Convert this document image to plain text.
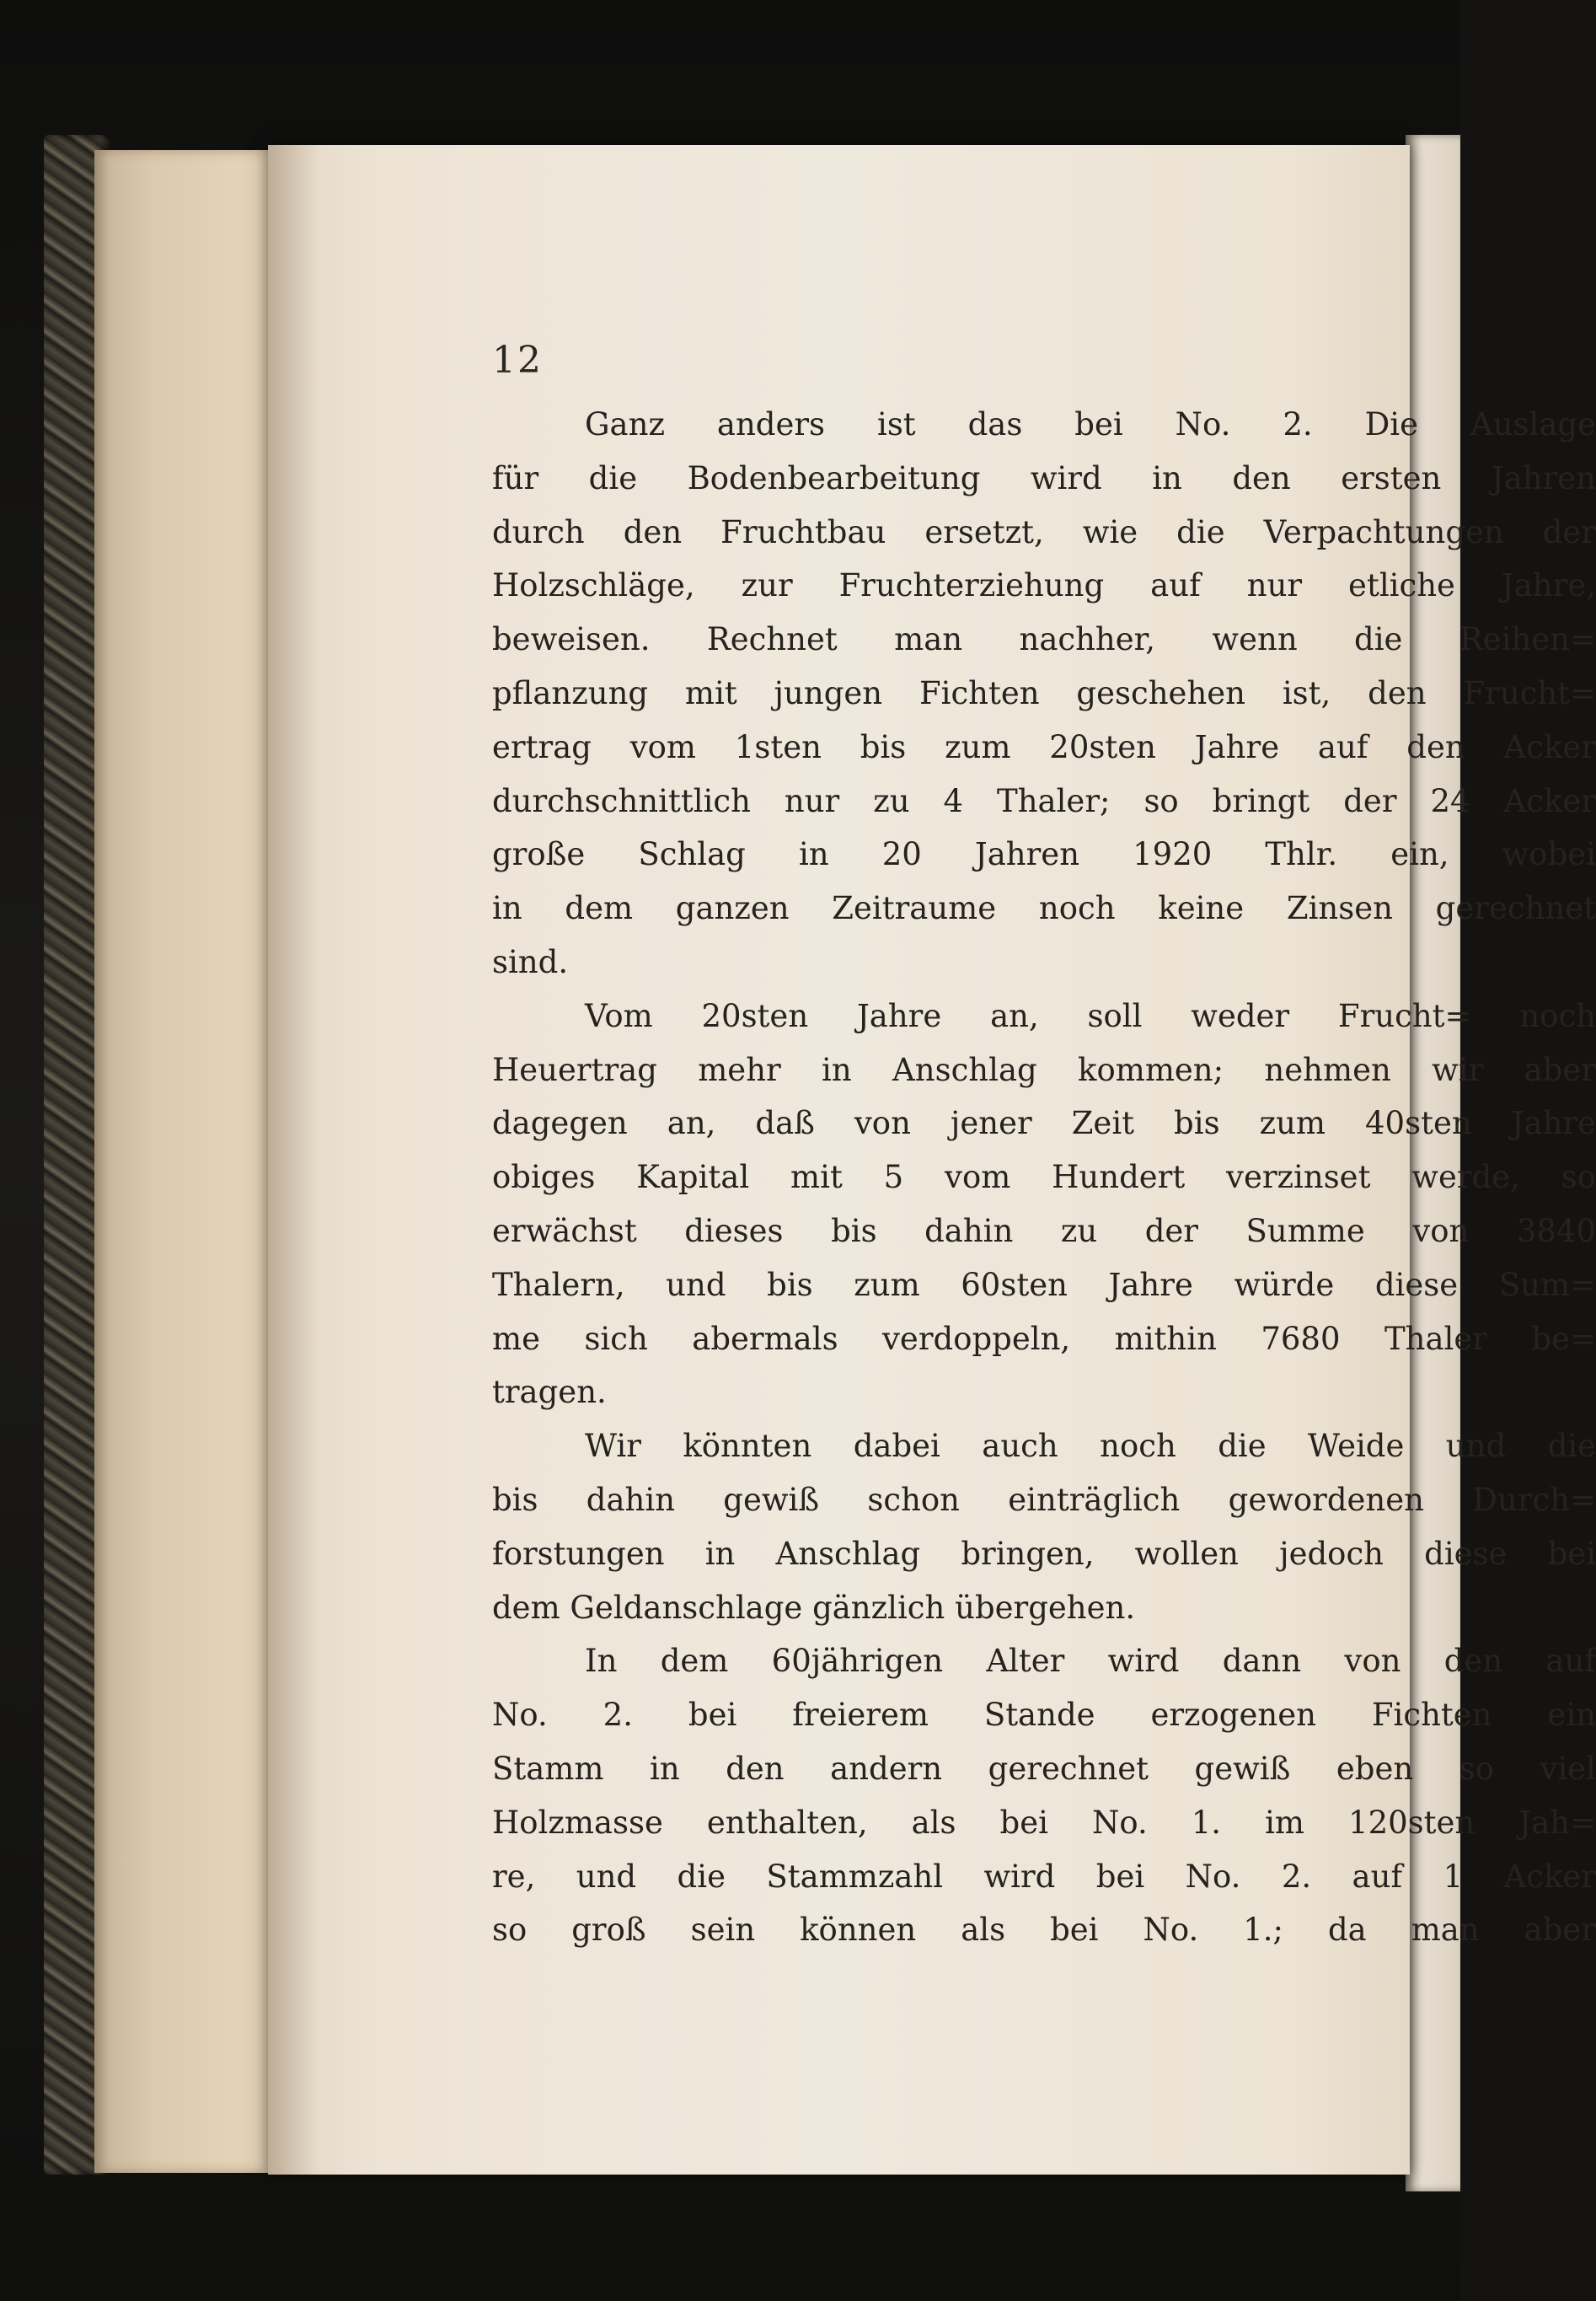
12
Ganz anders ist das bei No. 2. Die Auslage
für die Bodenbearbeitung wird in den ersten Jahren
durch den Fruchtbau ersetzt, wie die Verpachtungen der
Holzschläge, zur Fruchterziehung auf nur etliche Jahre,
beweisen. Rechnet man nachher, wenn die Reihen=
pflanzung mit jungen Fichten geschehen ist, den Frucht=
ertrag vom 1sten bis zum 20sten Jahre auf den Acker
durchschnittlich nur zu 4 Thaler; so bringt der 24 Acker
große Schlag in 20 Jahren 1920 Thlr. ein, wobei
in dem ganzen Zeitraume noch keine Zinsen gerechnet
sind.
Vom 20sten Jahre an, soll weder Frucht= noch
Heuertrag mehr in Anschlag kommen; nehmen wir aber
dagegen an, daß von jener Zeit bis zum 40sten Jahre
obiges Kapital mit 5 vom Hundert verzinset werde, so
erwächst dieses bis dahin zu der Summe von 3840
Thalern, und bis zum 60sten Jahre würde diese Sum=
me sich abermals verdoppeln, mithin 7680 Thaler be=
tragen.
Wir könnten dabei auch noch die Weide und die
bis dahin gewiß schon einträglich gewordenen Durch=
forstungen in Anschlag bringen, wollen jedoch diese bei
dem Geldanschlage gänzlich übergehen.
In dem 60jährigen Alter wird dann von den auf
No. 2. bei freierem Stande erzogenen Fichten ein
Stamm in den andern gerechnet gewiß eben so viel
Holzmasse enthalten, als bei No. 1. im 120sten Jah=
re, und die Stammzahl wird bei No. 2. auf 1 Acker
so groß sein können als bei No. 1.; da man aber
